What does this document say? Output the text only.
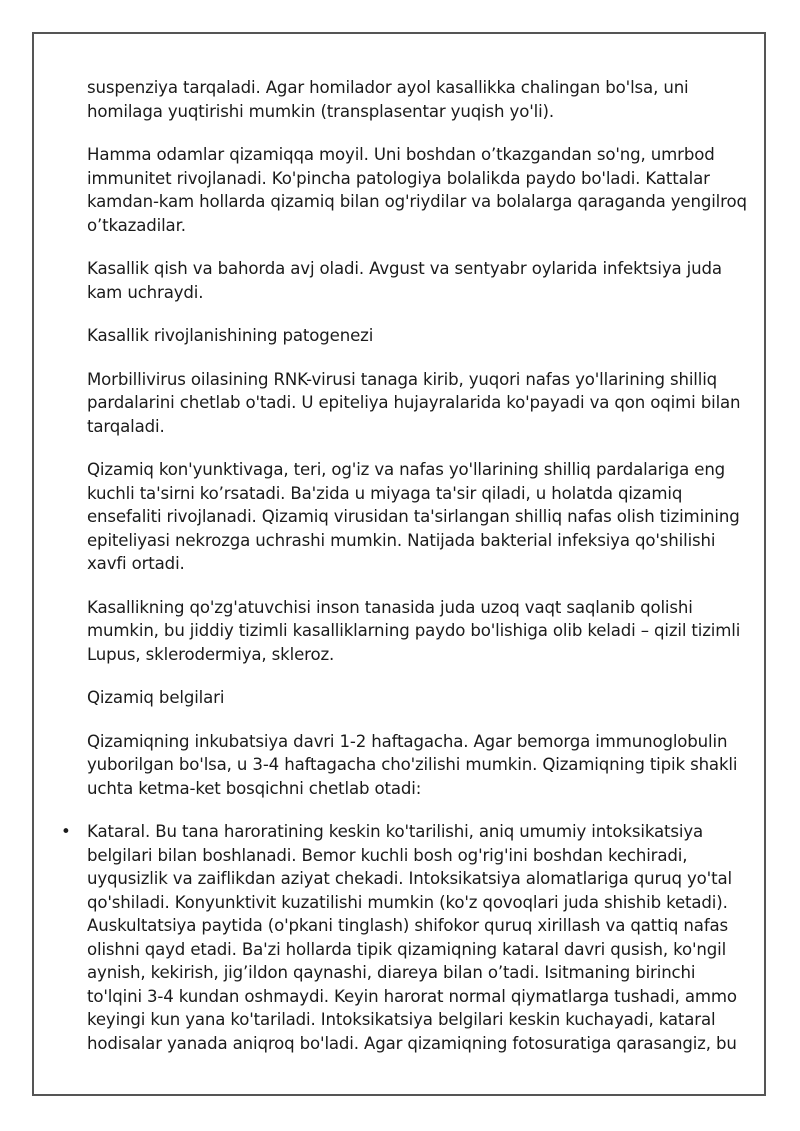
suspenziya tarqaladi. Agar homilador ayol kasallikka chalingan bo'lsa, uni homilaga yuqtirishi mumkin (transplasentar yuqish yo'li).

Hamma odamlar qizamiqqa moyil. Uni boshdan o’tkazgandan so'ng, umrbod immunitet rivojlanadi. Ko'pincha patologiya bolalikda paydo bo'ladi. Kattalar kamdan-kam hollarda qizamiq bilan og'riydilar va bolalarga qaraganda yengilroq o’tkazadilar.

Kasallik qish va bahorda avj oladi. Avgust va sentyabr oylarida infektsiya juda kam uchraydi.

Kasallik rivojlanishining patogenezi

Morbillivirus oilasining RNK-virusi tanaga kirib, yuqori nafas yo'llarining shilliq pardalarini chetlab o'tadi. U epiteliya hujayralarida ko'payadi va qon oqimi bilan tarqaladi.

Qizamiq kon'yunktivaga, teri, og'iz va nafas yo'llarining shilliq pardalariga eng kuchli ta'sirni ko’rsatadi. Ba'zida u miyaga ta'sir qiladi, u holatda qizamiq ensefaliti rivojlanadi. Qizamiq virusidan ta'sirlangan shilliq nafas olish tizimining epiteliyasi nekrozga uchrashi mumkin. Natijada bakterial infeksiya qo'shilishi xavfi ortadi.

Kasallikning qo'zg'atuvchisi inson tanasida juda uzoq vaqt saqlanib qolishi mumkin, bu jiddiy tizimli kasalliklarning paydo bo'lishiga olib keladi – qizil tizimli Lupus, sklerodermiya, skleroz.

Qizamiq belgilari

Qizamiqning inkubatsiya davri 1-2 haftagacha. Agar bemorga immunoglobulin yuborilgan bo'lsa, u 3-4 haftagacha cho'zilishi mumkin. Qizamiqning tipik shakli uchta ketma-ket bosqichni chetlab otadi:

• Kataral. Bu tana haroratining keskin ko'tarilishi, aniq umumiy intoksikatsiya belgilari bilan boshlanadi. Bemor kuchli bosh og'rig'ini boshdan kechiradi, uyqusizlik va zaiflikdan aziyat chekadi. Intoksikatsiya alomatlariga quruq yo'tal qo'shiladi. Konyunktivit kuzatilishi mumkin (ko'z qovoqlari juda shishib ketadi). Auskultatsiya paytida (o'pkani tinglash) shifokor quruq xirillash va qattiq nafas olishni qayd etadi. Ba'zi hollarda tipik qizamiqning kataral davri qusish, ko'ngil aynish, kekirish, jig’ildon qaynashi, diareya bilan o’tadi. Isitmaning birinchi to'lqini 3-4 kundan oshmaydi. Keyin harorat normal qiymatlarga tushadi, ammo keyingi kun yana ko'tariladi. Intoksikatsiya belgilari keskin kuchayadi, kataral hodisalar yanada aniqroq bo'ladi. Agar qizamiqning fotosuratiga qarasangiz, bu
